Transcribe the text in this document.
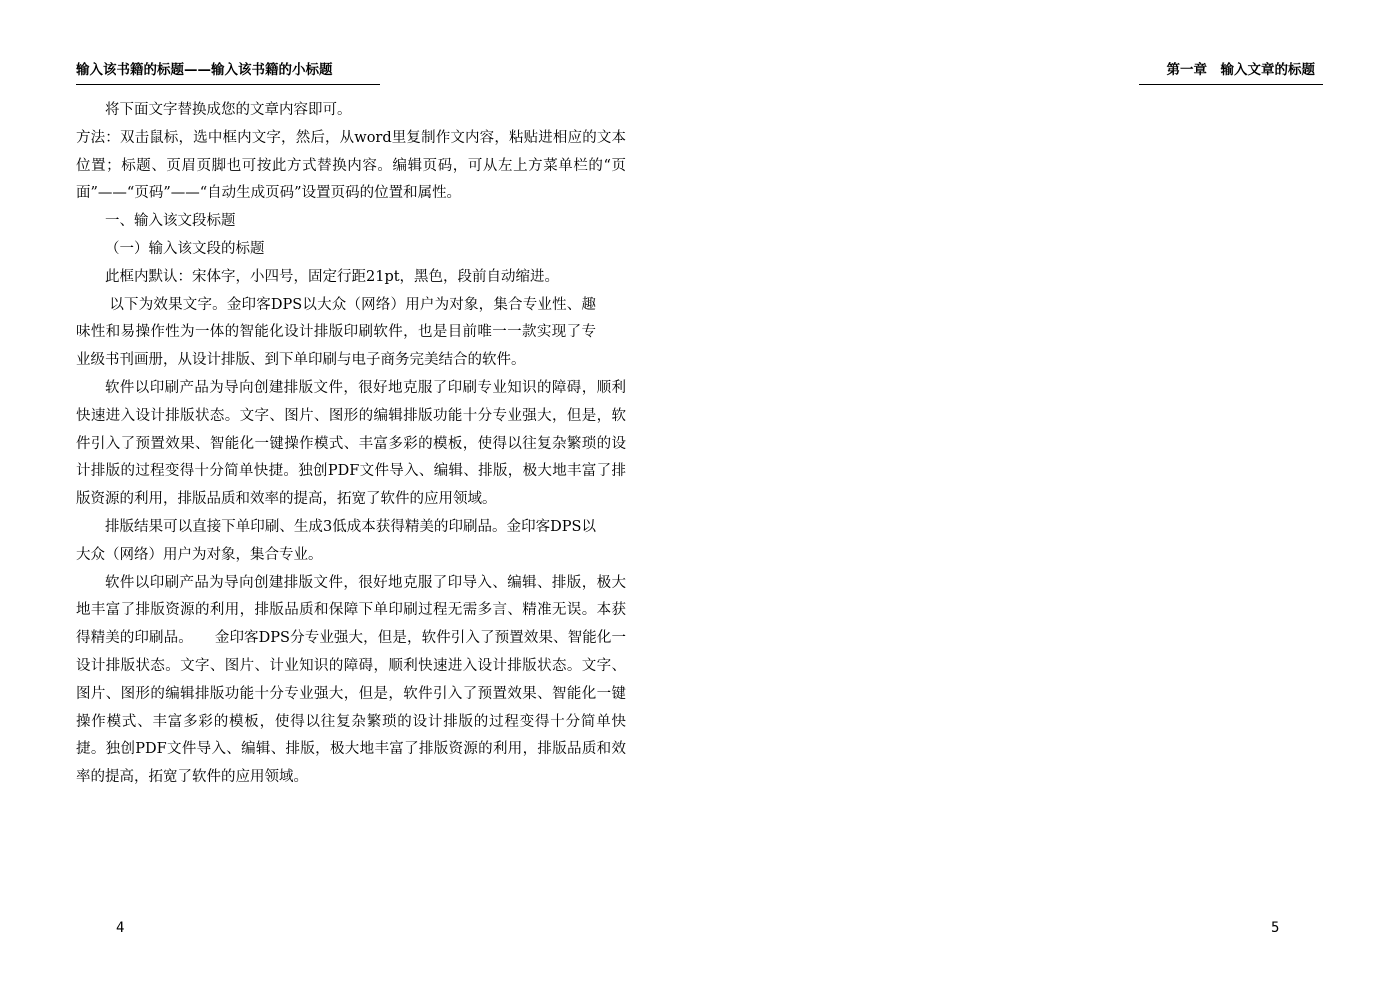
输入该书籍的标题——输入该书籍的小标题

将下面文字替换成您的文章内容即可。

方法：双击鼠标，选中框内文字，然后，从word里复制作文内容，粘贴进相应的文本位置；标题、页眉页脚也可按此方式替换内容。编辑页码，可从左上方菜单栏的“页面”——“页码”——“自动生成页码”设置页码的位置和属性。

一、输入该文段标题

（一）输入该文段的标题

此框内默认：宋体字，小四号，固定行距21pt，黑色，段前自动缩进。

以下为效果文字。金印客DPS以大众（网络）用户为对象，集合专业性、趣味性和易操作性为一体的智能化设计排版印刷软件，也是目前唯一一款实现了专业级书刊画册，从设计排版、到下单印刷与电子商务完美结合的软件。

软件以印刷产品为导向创建排版文件，很好地克服了印刷专业知识的障碍，顺利快速进入设计排版状态。文字、图片、图形的编辑排版功能十分专业强大，但是，软件引入了预置效果、智能化一键操作模式、丰富多彩的模板，使得以往复杂繁琐的设计排版的过程变得十分简单快捷。独创PDF文件导入、编辑、排版，极大地丰富了排版资源的利用，排版品质和效率的提高，拓宽了软件的应用领域。

排版结果可以直接下单印刷、生成3低成本获得精美的印刷品。金印客DPS以大众（网络）用户为对象，集合专业。

软件以印刷产品为导向创建排版文件，很好地克服了印导入、编辑、排版，极大地丰富了排版资源的利用，排版品质和保障下单印刷过程无需多言、精准无误。本获得精美的印刷品。　　金印客DPS分专业强大，但是，软件引入了预置效果、智能化一设计排版状态。文字、图片、计业知识的障碍，顺利快速进入设计排版状态。文字、图片、图形的编辑排版功能十分专业强大，但是，软件引入了预置效果、智能化一键操作模式、丰富多彩的模板，使得以往复杂繁琐的设计排版的过程变得十分简单快捷。独创PDF文件导入、编辑、排版，极大地丰富了排版资源的利用，排版品质和效率的提高，拓宽了软件的应用领域。

4
第一章　输入文章的标题
5
